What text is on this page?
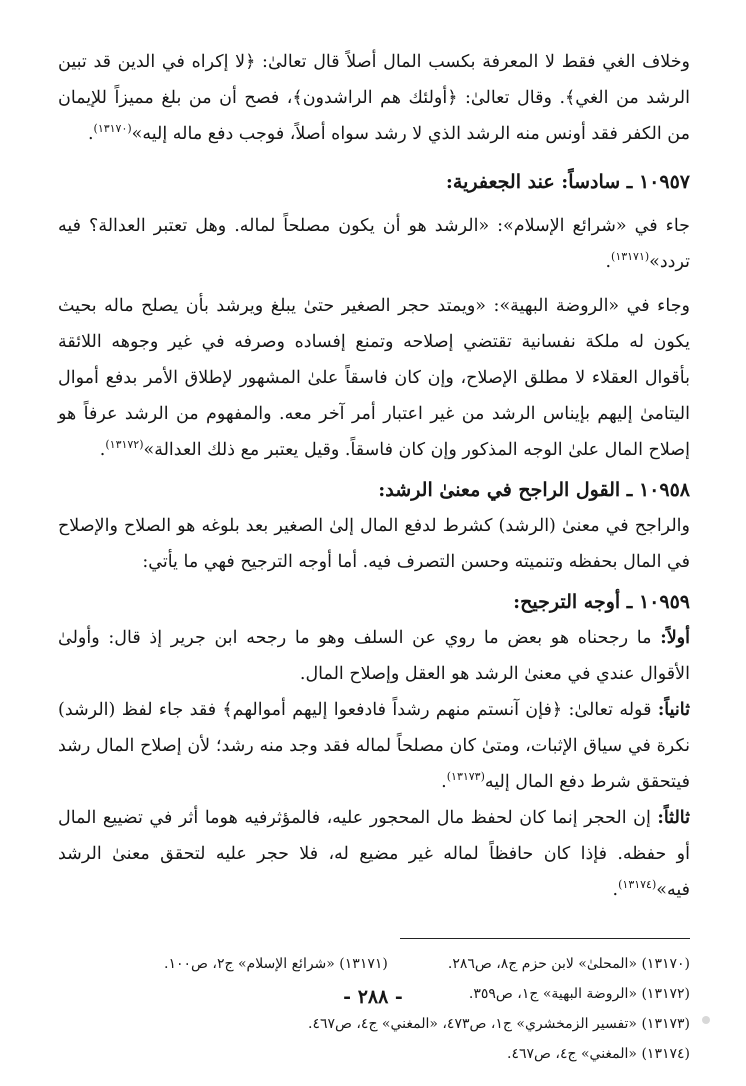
وخلاف الغي فقط لا المعرفة بكسب المال أصلاً قال تعالىٰ: ﴿لا إكراه في الدين قد تبين الرشد من الغي﴾. وقال تعالىٰ: ﴿أولئك هم الراشدون﴾، فصح أن من بلغ مميزاً للإيمان من الكفر فقد أونس منه الرشد الذي لا رشد سواه أصلاً، فوجب دفع ماله إليه»$^{(١٣١٧٠)}$.

١٠٩٥٧ ـ سادساً: عند الجعفرية:

جاء في «شرائع الإسلام»: «الرشد هو أن يكون مصلحاً لماله. وهل تعتبر العدالة؟ فيه تردد»$^{(١٣١٧١)}$.

وجاء في «الروضة البهية»: «ويمتد حجر الصغير حتىٰ يبلغ ويرشد بأن يصلح ماله بحيث يكون له ملكة نفسانية تقتضي إصلاحه وتمنع إفساده وصرفه في غير وجوهه اللائقة بأقوال العقلاء لا مطلق الإصلاح، وإن كان فاسقاً علىٰ المشهور لإطلاق الأمر بدفع أموال اليتامىٰ إليهم بإيناس الرشد من غير اعتبار أمر آخر معه. والمفهوم من الرشد عرفاً هو إصلاح المال علىٰ الوجه المذكور وإن كان فاسقاً. وقيل يعتبر مع ذلك العدالة»$^{(١٣١٧٢)}$.

١٠٩٥٨ ـ القول الراجح في معنىٰ الرشد:

والراجح في معنىٰ (الرشد) كشرط لدفع المال إلىٰ الصغير بعد بلوغه هو الصلاح والإصلاح في المال بحفظه وتنميته وحسن التصرف فيه. أما أوجه الترجيح فهي ما يأتي:

١٠٩٥٩ ـ أوجه الترجيح:

أولاً: ما رجحناه هو بعض ما روي عن السلف وهو ما رجحه ابن جرير إذ قال: وأولىٰ الأقوال عندي في معنىٰ الرشد هو العقل وإصلاح المال.

ثانياً: قوله تعالىٰ: ﴿فإن آنستم منهم رشداً فادفعوا إليهم أموالهم﴾ فقد جاء لفظ (الرشد) نكرة في سياق الإثبات، ومتىٰ كان مصلحاً لماله فقد وجد منه رشد؛ لأن إصلاح المال رشد فيتحقق شرط دفع المال إليه$^{(١٣١٧٣)}$.

ثالثاً: إن الحجر إنما كان لحفظ مال المحجور عليه، فالمؤثرفيه هوما أثر في تضييع المال أو حفظه. فإذا كان حافظاً لماله غير مضيع له، فلا حجر عليه لتحقق معنىٰ الرشد فيه»$^{(١٣١٧٤)}$.

(١٣١٧٠) «المحلىٰ» لابن حزم ج٨، ص٢٨٦.
(١٣١٧١) «شرائع الإسلام» ج٢، ص١٠٠.
(١٣١٧٢) «الروضة البهية» ج١، ص٣٥٩.
(١٣١٧٣) «تفسير الزمخشري» ج١، ص٤٧٣، «المغني» ج٤، ص٤٦٧.
(١٣١٧٤) «المغني» ج٤، ص٤٦٧.
- ٢٨٨ -
